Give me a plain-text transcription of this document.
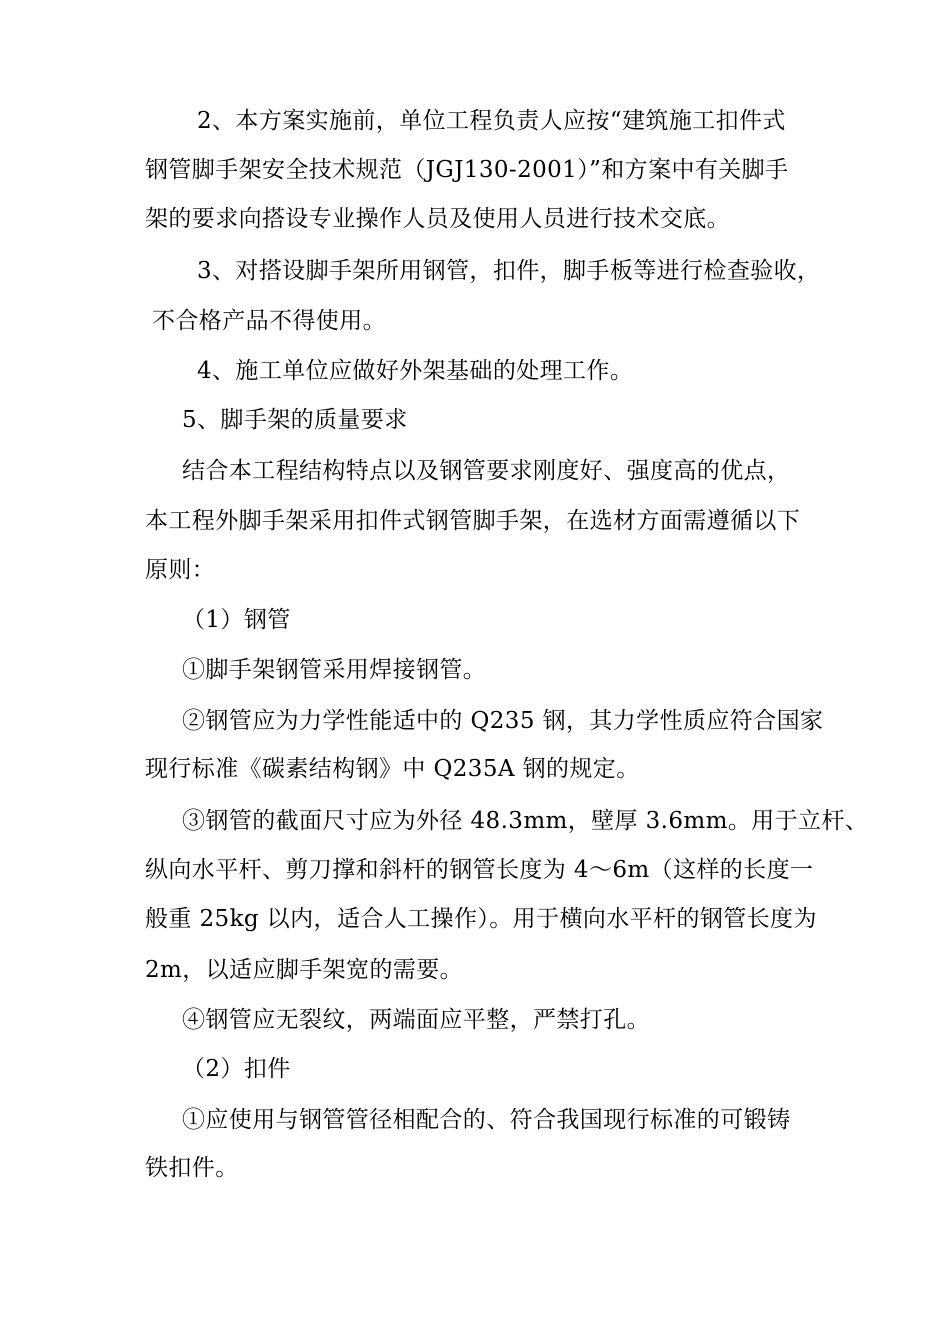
2、本方案实施前，单位工程负责人应按“建筑施工扣件式
钢管脚手架安全技术规范（JGJ130-2001）”和方案中有关脚手
架的要求向搭设专业操作人员及使用人员进行技术交底。
3、对搭设脚手架所用钢管，扣件，脚手板等进行检查验收，
不合格产品不得使用。
4、施工单位应做好外架基础的处理工作。
5、脚手架的质量要求
结合本工程结构特点以及钢管要求刚度好、强度高的优点，
本工程外脚手架采用扣件式钢管脚手架，在选材方面需遵循以下
原则：
（1）钢管
①脚手架钢管采用焊接钢管。
②钢管应为力学性能适中的 Q235 钢，其力学性质应符合国家
现行标准《碳素结构钢》中 Q235A 钢的规定。
③钢管的截面尺寸应为外径 48.3mm，壁厚 3.6mm。用于立杆、
纵向水平杆、剪刀撑和斜杆的钢管长度为 4～6m（这样的长度一
般重 25kg 以内，适合人工操作）。用于横向水平杆的钢管长度为
2m，以适应脚手架宽的需要。
④钢管应无裂纹，两端面应平整，严禁打孔。
（2）扣件
①应使用与钢管管径相配合的、符合我国现行标准的可锻铸
铁扣件。
